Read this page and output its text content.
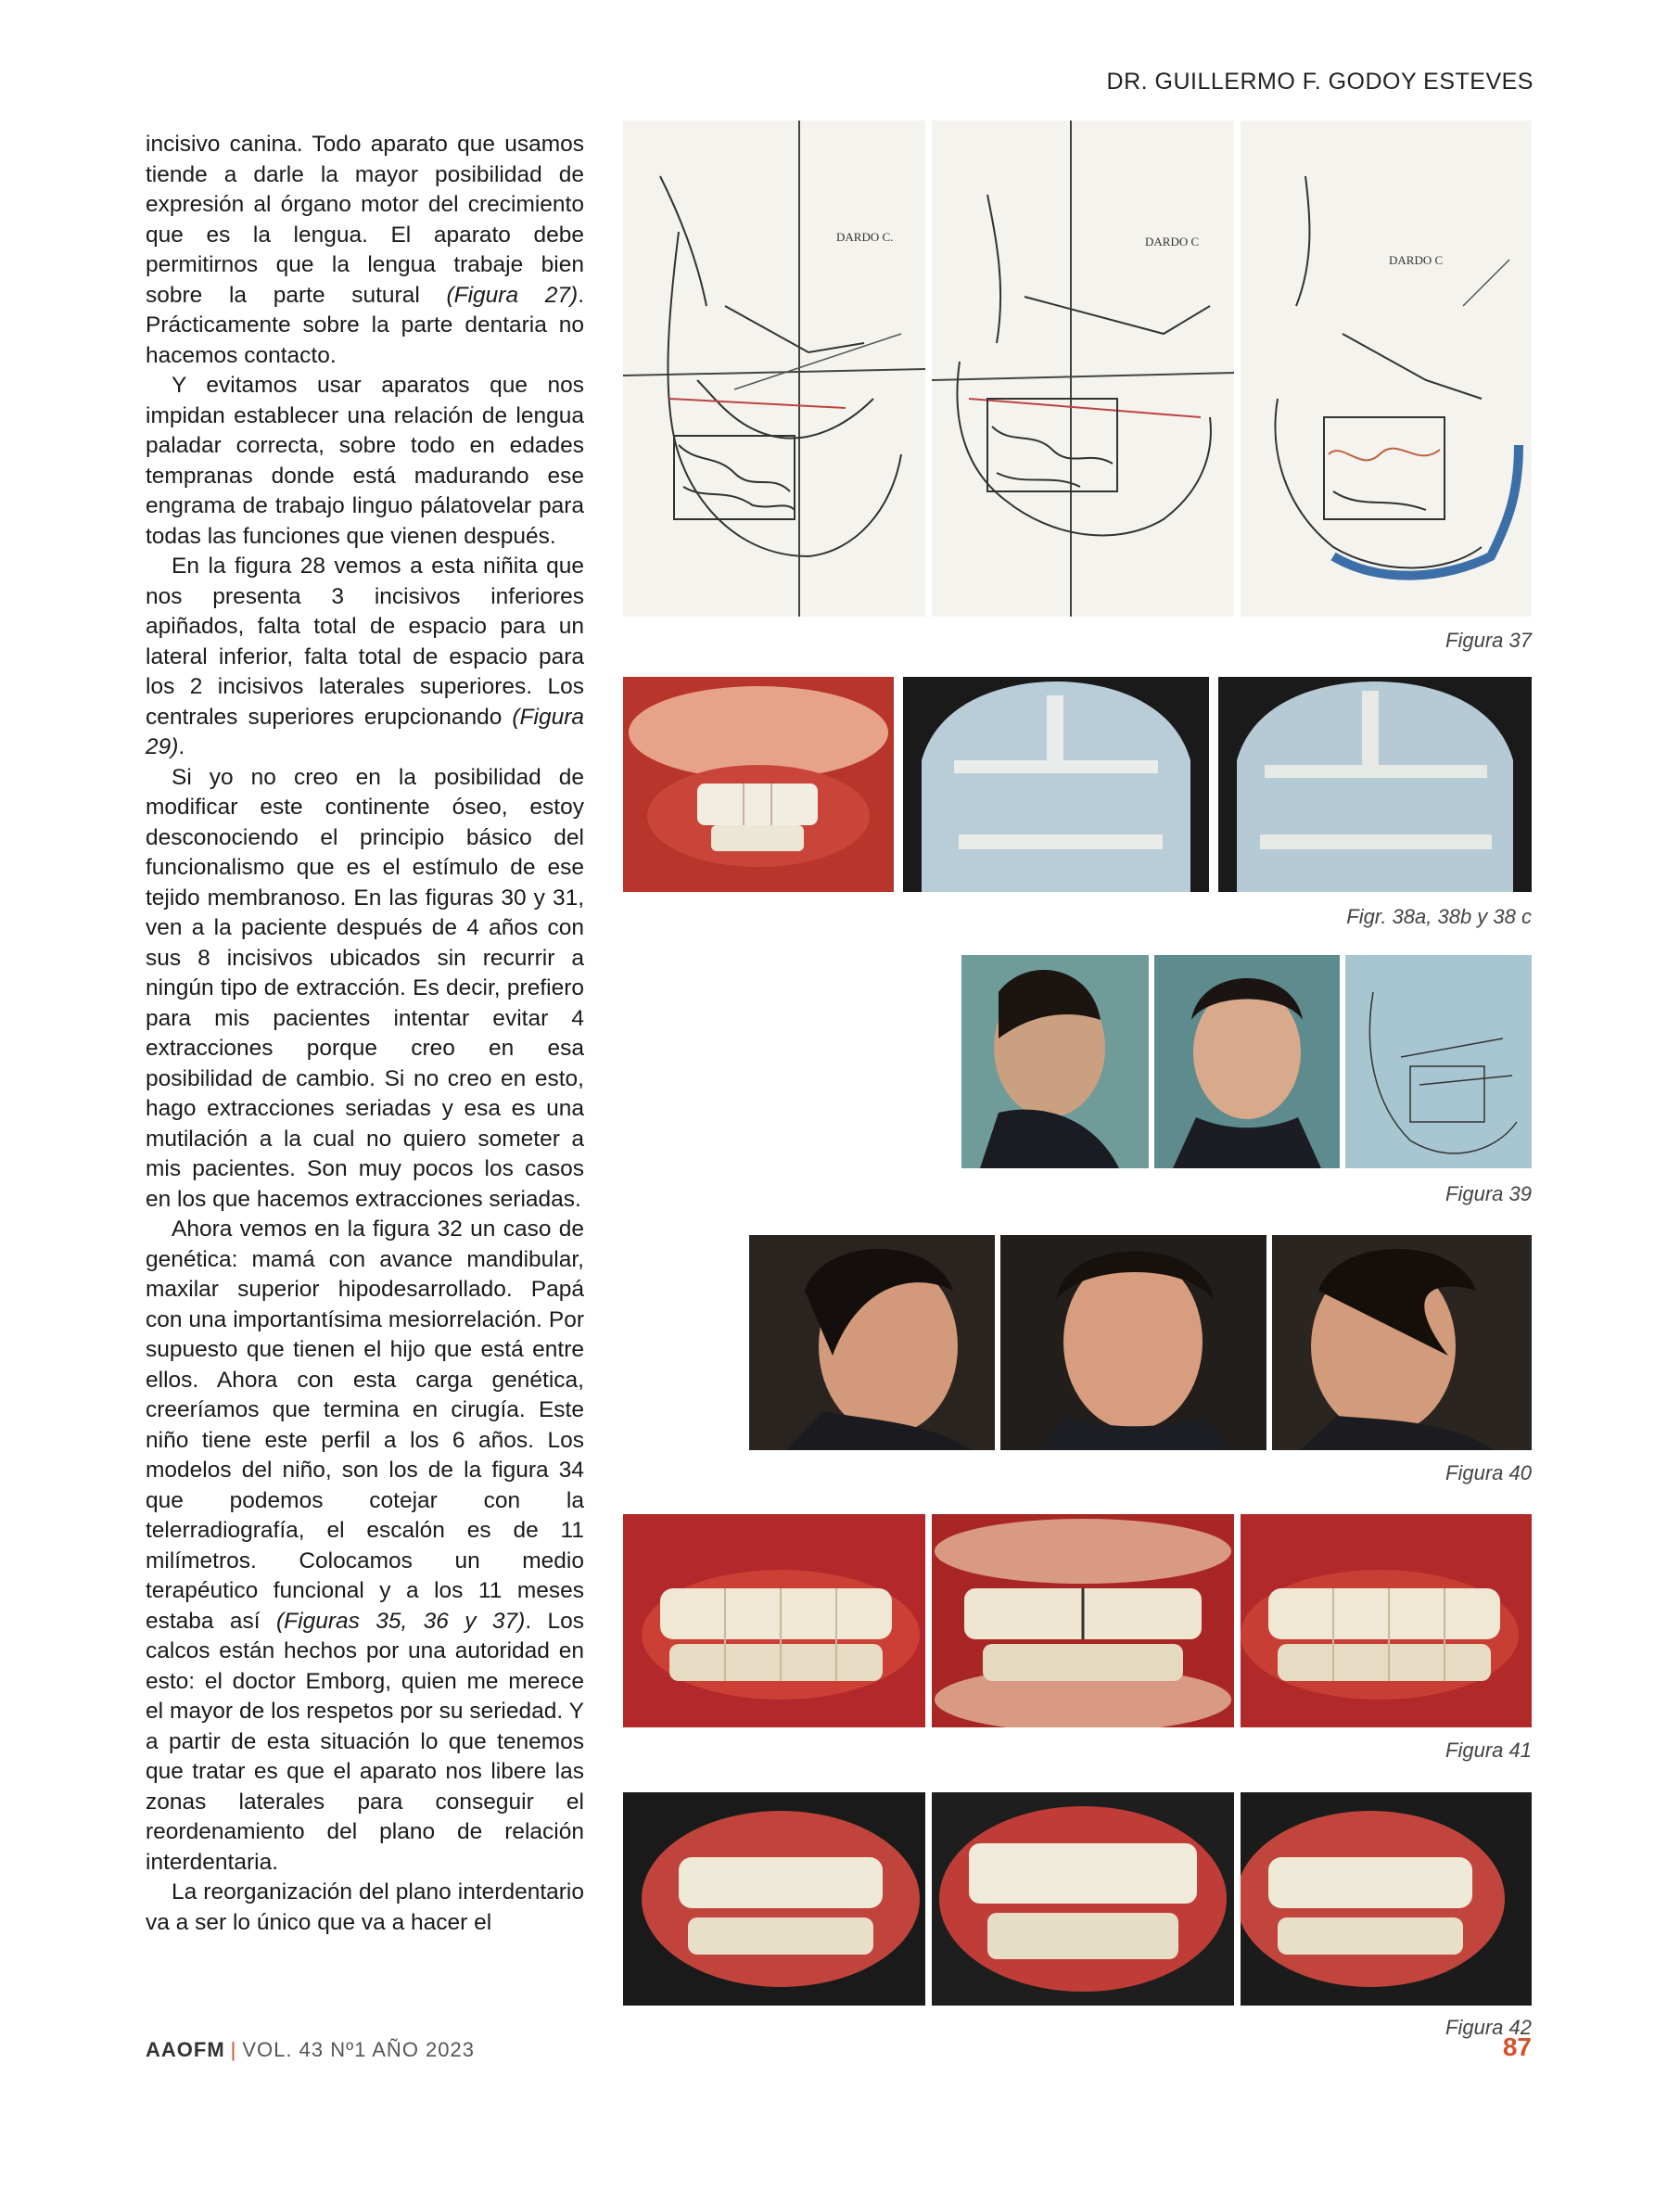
DR. GUILLERMO F. GODOY ESTEVES

incisivo canina. Todo aparato que usamos tiende a darle la mayor posibilidad de expresión al órgano motor del crecimiento que es la lengua. El aparato debe permitirnos que la lengua trabaje bien sobre la parte sutural (Figura 27). Prácticamente sobre la parte dentaria no hacemos contacto.

Y evitamos usar aparatos que nos impidan establecer una relación de lengua paladar correcta, sobre todo en edades tempranas donde está madurando ese engrama de trabajo linguo pálatovelar para todas las funciones que vienen después.

En la figura 28 vemos a esta niñita que nos presenta 3 incisivos inferiores apiñados, falta total de espacio para un lateral inferior, falta total de espacio para los 2 incisivos laterales superiores. Los centrales superiores erupcionando (Figura 29).

Si yo no creo en la posibilidad de modificar este continente óseo, estoy desconociendo el principio básico del funcionalismo que es el estímulo de ese tejido membranoso. En las figuras 30 y 31, ven a la paciente después de 4 años con sus 8 incisivos ubicados sin recurrir a ningún tipo de extracción. Es decir, prefiero para mis pacientes intentar evitar 4 extracciones porque creo en esa posibilidad de cambio. Si no creo en esto, hago extracciones seriadas y esa es una mutilación a la cual no quiero someter a mis pacientes. Son muy pocos los casos en los que hacemos extracciones seriadas.

Ahora vemos en la figura 32 un caso de genética: mamá con avance mandibular, maxilar superior hipodesarrollado. Papá con una importantísima mesiorrelación. Por supuesto que tienen el hijo que está entre ellos. Ahora con esta carga genética, creeríamos que termina en cirugía. Este niño tiene este perfil a los 6 años. Los modelos del niño, son los de la figura 34 que podemos cotejar con la telerradiografía, el escalón es de 11 milímetros. Colocamos un medio terapéutico funcional y a los 11 meses estaba así (Figuras 35, 36 y 37). Los calcos están hechos por una autoridad en esto: el doctor Emborg, quien me merece el mayor de los respetos por su seriedad. Y a partir de esta situación lo que tenemos que tratar es que el aparato nos libere las zonas laterales para conseguir el reordenamiento del plano de relación interdentaria.

La reorganización del plano interdentario va a ser lo único que va a hacer el

DARDO C.	DARDO C
DARDO C
Figura 37
Figr. 38a, 38b y 38 c
Figura 39
Figura 40
Figura 41
Figura 42
AAOFM | VOL. 43 Nº1 AÑO 2023	87
